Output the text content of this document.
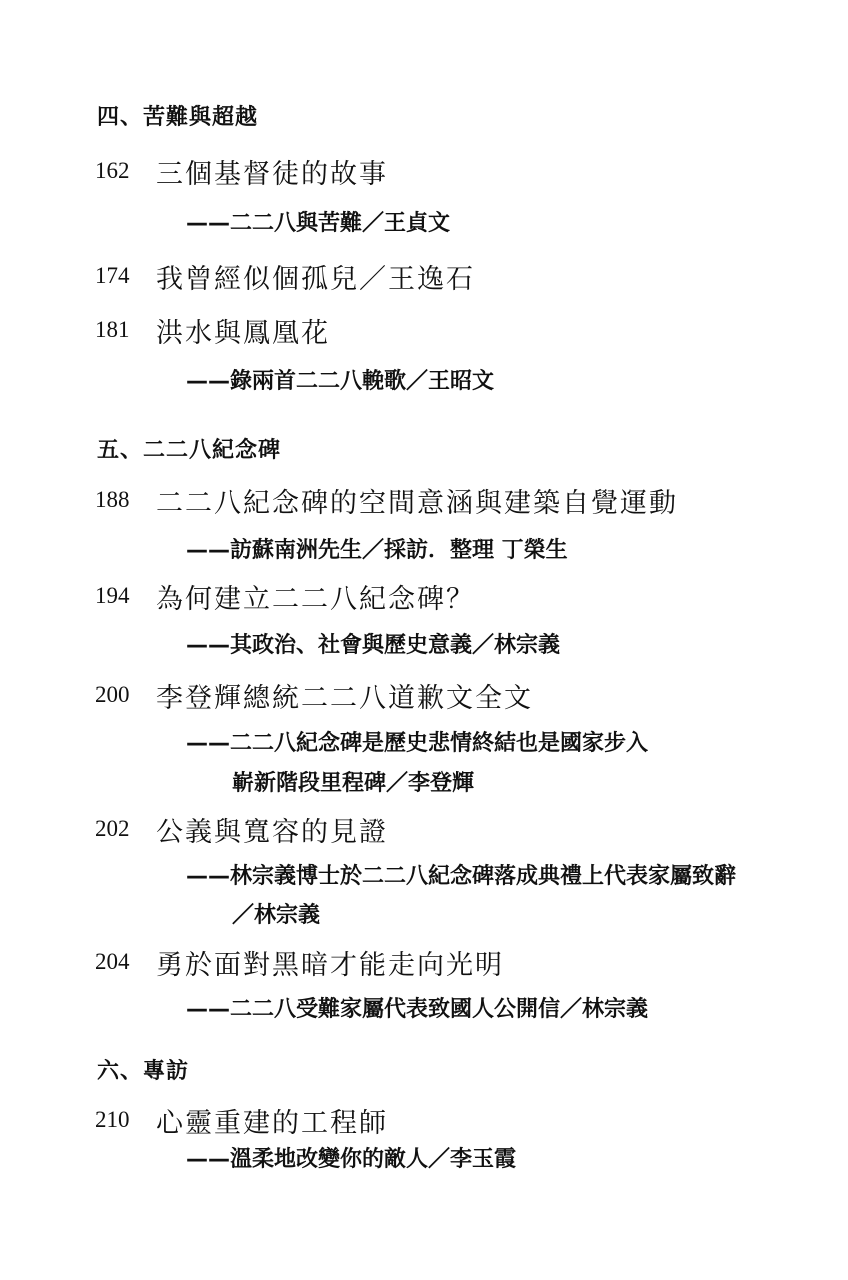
四、苦難與超越
162 三個基督徒的故事
——二二八與苦難／王貞文
174 我曾經似個孤兒／王逸石
181 洪水與鳳凰花
——錄兩首二二八輓歌／王昭文
五、二二八紀念碑
188 二二八紀念碑的空間意涵與建築自覺運動
——訪蘇南洲先生／採訪．整理 丁榮生
194 為何建立二二八紀念碑？
——其政治、社會與歷史意義／林宗義
200 李登輝總統二二八道歉文全文
——二二八紀念碑是歷史悲情終結也是國家步入
嶄新階段里程碑／李登輝
202 公義與寬容的見證
——林宗義博士於二二八紀念碑落成典禮上代表家屬致辭
／林宗義
204 勇於面對黑暗才能走向光明
——二二八受難家屬代表致國人公開信／林宗義
六、專訪
210 心靈重建的工程師
——溫柔地改變你的敵人／李玉霞
